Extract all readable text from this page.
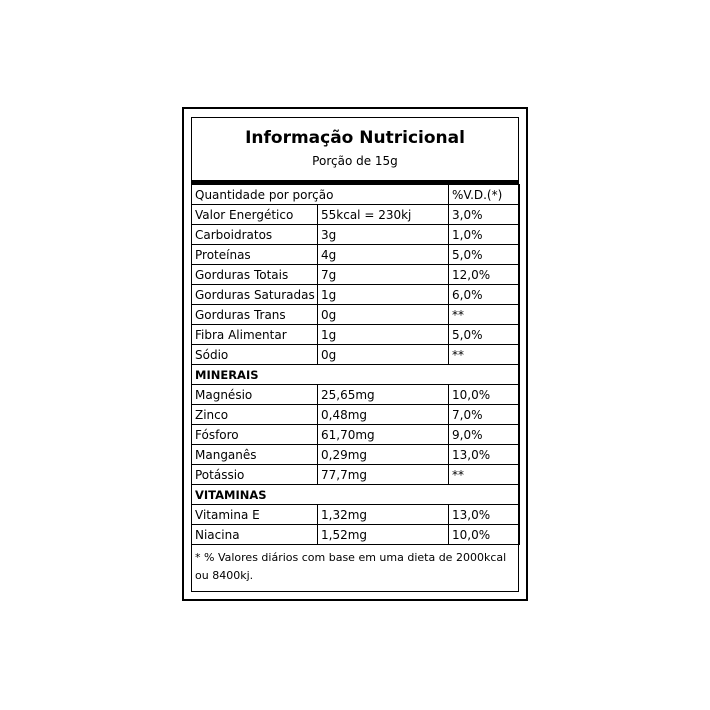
Informação Nutricional
Porção de 15g
Quantidade por porção		%V.D.(*)
Valor Energético	55kcal = 230kj	3,0%
Carboidratos	3g	1,0%
Proteínas	4g	5,0%
Gorduras Totais	7g	12,0%
Gorduras Saturadas	1g	6,0%
Gorduras Trans	0g	**
Fibra Alimentar	1g	5,0%
Sódio	0g	**
MINERAIS		
Magnésio	25,65mg	10,0%
Zinco	0,48mg	7,0%
Fósforo	61,70mg	9,0%
Manganês	0,29mg	13,0%
Potássio	77,7mg	**
VITAMINAS		
Vitamina E	1,32mg	13,0%
Niacina	1,52mg	10,0%
* % Valores diários com base em uma dieta de 2000kcal ou 8400kj.
